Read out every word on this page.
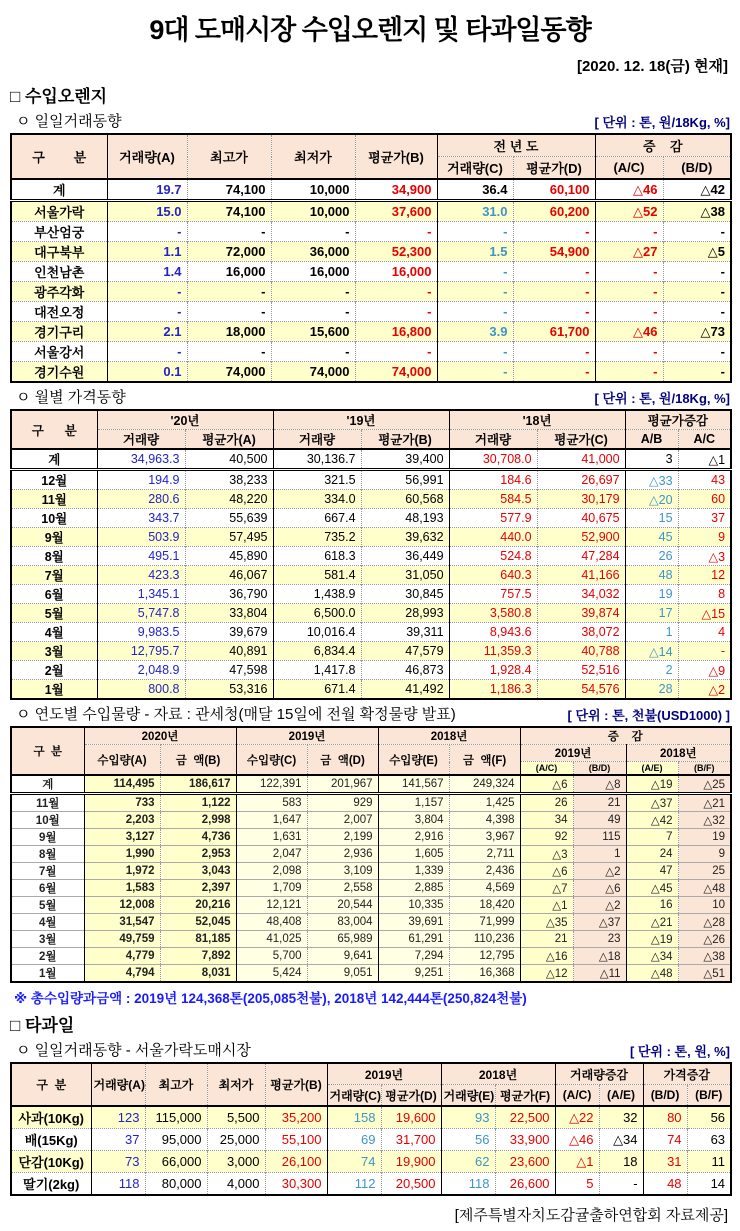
9대 도매시장 수입오렌지 및 타과일동향
[2020. 12. 18(금) 현재]
□ 수입오렌지
ㅇ 일일거래동향	[ 단위 : 톤, 원/18Kg, %]
구        분	거래량(A)	최고가	최저가	평균가(B)	전 년 도		증    감	
					거래량(C)	평균가(D)	(A/C)	(B/D)
계	19.7	74,100	10,000	34,900	36.4	60,100	△46	△42
서울가락	15.0	74,100	10,000	37,600	31.0	60,200	△52	△38
부산엄궁	-	-	-	-	-	-	-	-
대구북부	1.1	72,000	36,000	52,300	1.5	54,900	△27	△5
인천남촌	1.4	16,000	16,000	16,000	-	-	-	-
광주각화	-	-	-	-	-	-	-	-
대전오정	-	-	-	-	-	-	-	-
경기구리	2.1	18,000	15,600	16,800	3.9	61,700	△46	△73
서울강서	-	-	-	-	-	-	-	-
경기수원	0.1	74,000	74,000	74,000	-	-	-	-
ㅇ 월별 가격동향	[ 단위 : 톤, 원/18Kg, %]
구      분	'20년		'19년		'18년		평균가증감	
	거래량	평균가(A)	거래량	평균가(B)	거래량	평균가(C)	A/B	A/C
계	34,963.3	40,500	30,136.7	39,400	30,708.0	41,000	3	△1
12월	194.9	38,233	321.5	56,991	184.6	26,697	△33	43
11월	280.6	48,220	334.0	60,568	584.5	30,179	△20	60
10월	343.7	55,639	667.4	48,193	577.9	40,675	15	37
9월	503.9	57,495	735.2	39,632	440.0	52,900	45	9
8월	495.1	45,890	618.3	36,449	524.8	47,284	26	△3
7월	423.3	46,067	581.4	31,050	640.3	41,166	48	12
6월	1,345.1	36,790	1,438.9	30,845	757.5	34,032	19	8
5월	5,747.8	33,804	6,500.0	28,993	3,580.8	39,874	17	△15
4월	9,983.5	39,679	10,016.4	39,311	8,943.6	38,072	1	4
3월	12,795.7	40,891	6,834.4	47,579	11,359.3	40,788	△14	-
2월	2,048.9	47,598	1,417.8	46,873	1,928.4	52,516	2	△9
1월	800.8	53,316	671.4	41,492	1,186.3	54,576	28	△2
ㅇ 연도별 수입물량 - 자료 : 관세청(매달 15일에 전월 확정물량 발표)	[ 단위 : 톤, 천불(USD1000) ]
구  분	2020년		2019년		2018년		증    감			
	수입량(A)	금  액(B)	수입량(C)	금  액(D)	수입량(E)	금  액(F)	2019년		2018년	
							(A/C)	(B/D)	(A/E)	(B/F)
계	114,495	186,617	122,391	201,967	141,567	249,324	△6	△8	△19	△25
11월	733	1,122	583	929	1,157	1,425	26	21	△37	△21
10월	2,203	2,998	1,647	2,007	3,804	4,398	34	49	△42	△32
9월	3,127	4,736	1,631	2,199	2,916	3,967	92	115	7	19
8월	1,990	2,953	2,047	2,936	1,605	2,711	△3	1	24	9
7월	1,972	3,043	2,098	3,109	1,339	2,436	△6	△2	47	25
6월	1,583	2,397	1,709	2,558	2,885	4,569	△7	△6	△45	△48
5월	12,008	20,216	12,121	20,544	10,335	18,420	△1	△2	16	10
4월	31,547	52,045	48,408	83,004	39,691	71,999	△35	△37	△21	△28
3월	49,759	81,185	41,025	65,989	61,291	110,236	21	23	△19	△26
2월	4,779	7,892	5,700	9,641	7,294	12,795	△16	△18	△34	△38
1월	4,794	8,031	5,424	9,051	9,251	16,368	△12	△11	△48	△51
※ 총수입량과금액 : 2019년 124,368톤(205,085천불), 2018년 142,444톤(250,824천불)
□ 타과일
ㅇ 일일거래동향 - 서울가락도매시장	[ 단위 : 톤, 원, %]
구  분	거래량(A)	최고가	최저가	평균가(B)	2019년		2018년		거래량증감		가격증감	
					거래량(C)	평균가(D)	거래량(E)	평균가(F)	(A/C)	(A/E)	(B/D)	(B/F)
사과(10Kg)	123	115,000	5,500	35,200	158	19,600	93	22,500	△22	32	80	56
배(15Kg)	37	95,000	25,000	55,100	69	31,700	56	33,900	△46	△34	74	63
단감(10Kg)	73	66,000	3,000	26,100	74	19,900	62	23,600	△1	18	31	11
딸기(2kg)	118	80,000	4,000	30,300	112	20,500	118	26,600	5	-	48	14
[제주특별자치도감귤출하연합회 자료제공]
